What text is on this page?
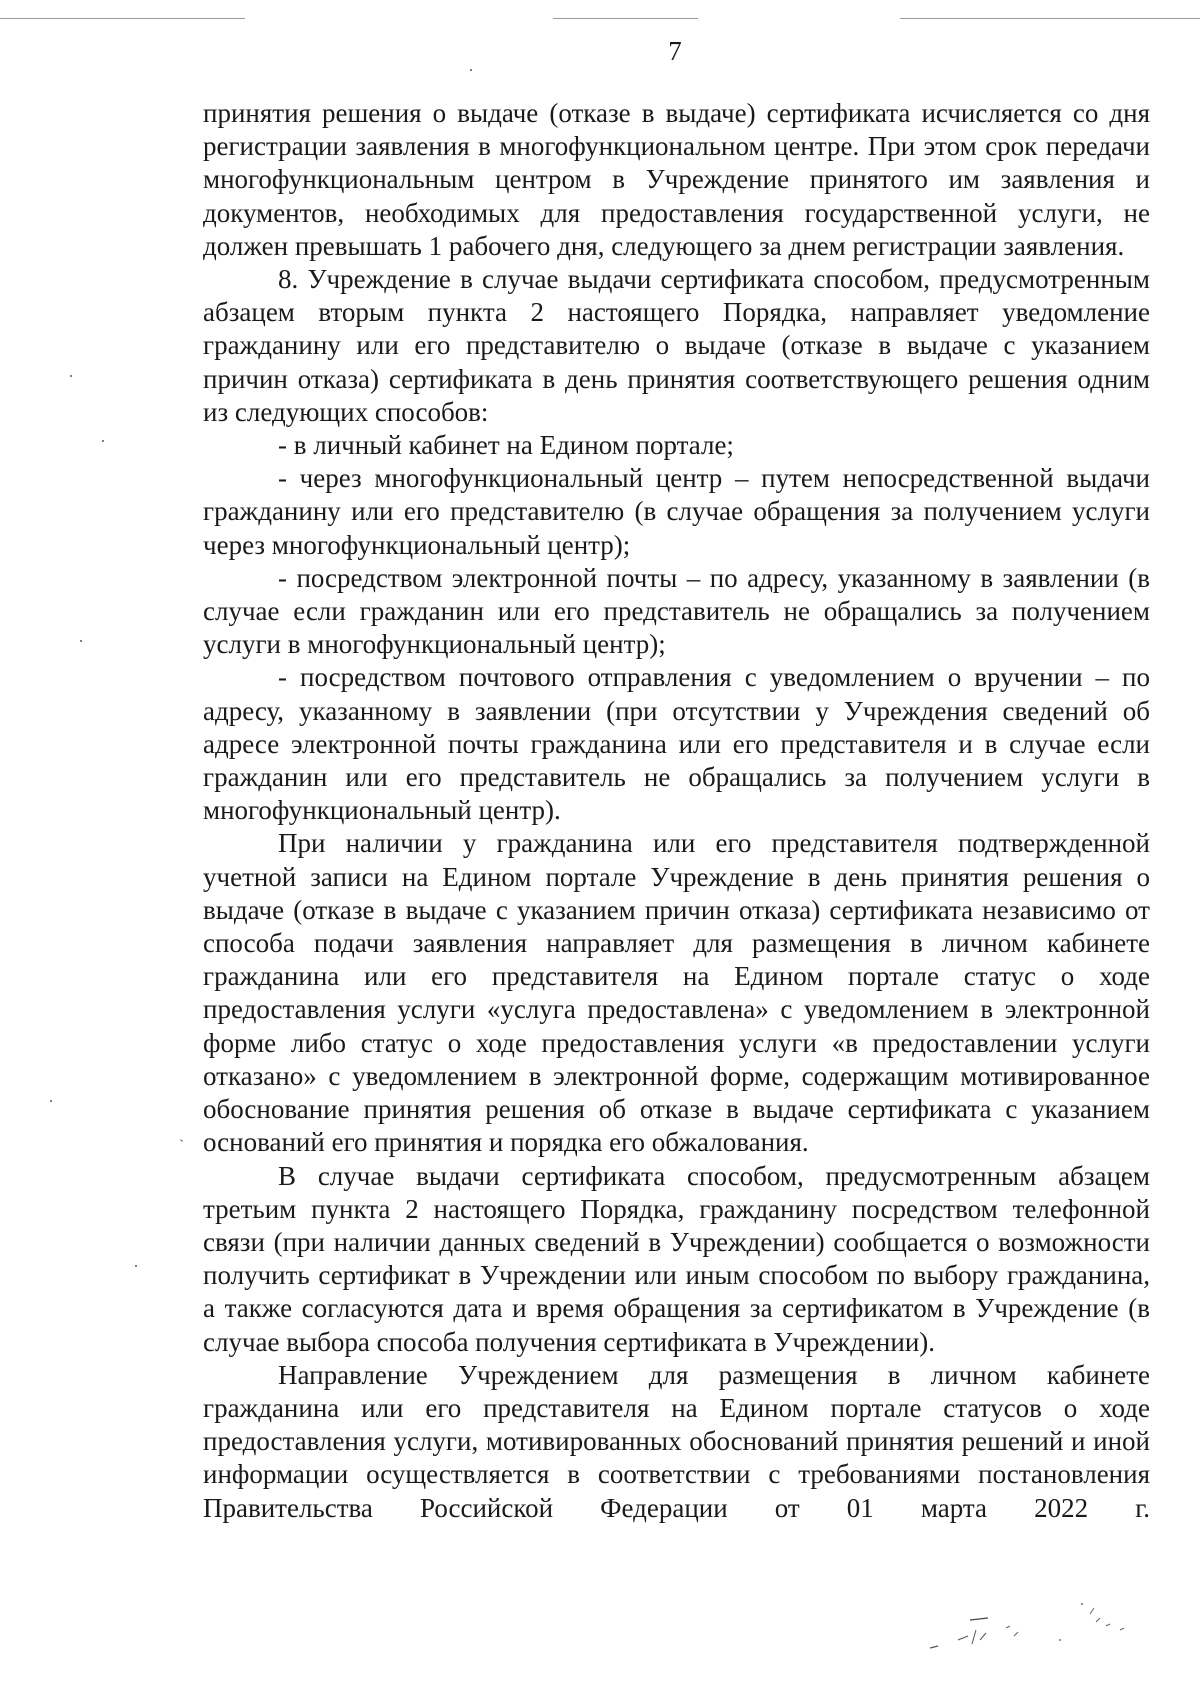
7

принятия решения о выдаче (отказе в выдаче) сертификата исчисляется со дня регистрации заявления в многофункциональном центре. При этом срок передачи многофункциональным центром в Учреждение принятого им заявления и документов, необходимых для предоставления государственной услуги, не должен превышать 1 рабочего дня, следующего за днем регистрации заявления.

8. Учреждение в случае выдачи сертификата способом, предусмотренным абзацем вторым пункта 2 настоящего Порядка, направляет уведомление гражданину или его представителю о выдаче (отказе в выдаче с указанием причин отказа) сертификата в день принятия соответствующего решения одним из следующих способов:

- в личный кабинет на Едином портале;

- через многофункциональный центр – путем непосредственной выдачи гражданину или его представителю (в случае обращения за получением услуги через многофункциональный центр);

- посредством электронной почты – по адресу, указанному в заявлении (в случае если гражданин или его представитель не обращались за получением услуги в многофункциональный центр);

- посредством почтового отправления с уведомлением о вручении – по адресу, указанному в заявлении (при отсутствии у Учреждения сведений об адресе электронной почты гражданина или его представителя и в случае если гражданин или его представитель не обращались за получением услуги в многофункциональный центр).

При наличии у гражданина или его представителя подтвержденной учетной записи на Едином портале Учреждение в день принятия решения о выдаче (отказе в выдаче с указанием причин отказа) сертификата независимо от способа подачи заявления направляет для размещения в личном кабинете гражданина или его представителя на Едином портале статус о ходе предоставления услуги «услуга предоставлена» с уведомлением в электронной форме либо статус о ходе предоставления услуги «в предоставлении услуги отказано» с уведомлением в электронной форме, содержащим мотивированное обоснование принятия решения об отказе в выдаче сертификата с указанием оснований его принятия и порядка его обжалования.

В случае выдачи сертификата способом, предусмотренным абзацем третьим пункта 2 настоящего Порядка, гражданину посредством телефонной связи (при наличии данных сведений в Учреждении) сообщается о возможности получить сертификат в Учреждении или иным способом по выбору гражданина, а также согласуются дата и время обращения за сертификатом в Учреждение (в случае выбора способа получения сертификата в Учреждении).

Направление Учреждением для размещения в личном кабинете гражданина или его представителя на Едином портале статусов о ходе предоставления услуги, мотивированных обоснований принятия решений и иной информации осуществляется в соответствии с требованиями постановления Правительства Российской Федерации от 01 марта 2022 г.
